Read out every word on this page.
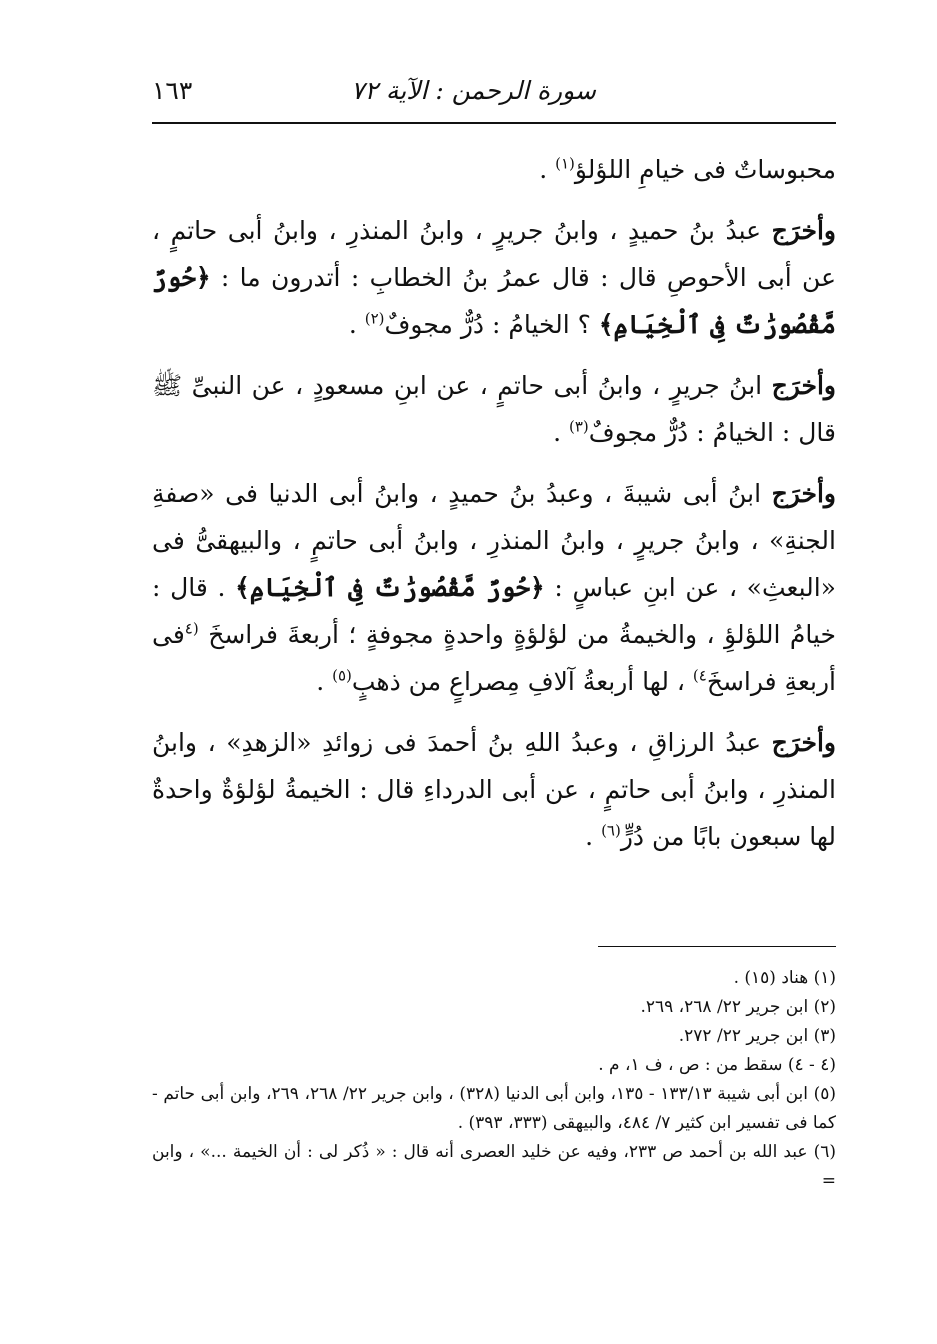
سورة الرحمن : الآية ٧٢
١٦٣

محبوساتٌ فى خيامِ اللؤلؤ$^{(١)}$ .

وأخرَج عبدُ بنُ حميدٍ ، وابنُ جريرٍ ، وابنُ المنذرِ ، وابنُ أبى حاتمٍ ، عن أبى الأحوصِ قال : قال عمرُ بنُ الخطابِ : أتدرون ما : ﴿حُورٌ مَّقْصُورَٰتٌ فِى ٱلْخِيَامِ﴾ ؟ الخيامُ : دُرٌّ مجوفٌ$^{(٢)}$ .

وأخرَج ابنُ جريرٍ ، وابنُ أبى حاتمٍ ، عن ابنِ مسعودٍ ، عن النبىِّ ﷺ قال : الخيامُ : دُرٌّ مجوفٌ$^{(٣)}$ .

وأخرَج ابنُ أبى شيبةَ ، وعبدُ بنُ حميدٍ ، وابنُ أبى الدنيا فى «صفةِ الجنةِ» ، وابنُ جريرٍ ، وابنُ المنذرِ ، وابنُ أبى حاتمٍ ، والبيهقىُّ فى «البعثِ» ، عن ابنِ عباسٍ : ﴿حُورٌ مَّقْصُورَٰتٌ فِى ٱلْخِيَامِ﴾ . قال : خيامُ اللؤلؤِ ، والخيمةُ من لؤلؤةٍ واحدةٍ مجوفةٍ ؛ أربعةَ فراسخَ $^{(٤}$فى أربعةِ فراسخَ$^{٤)}$ ، لها أربعةُ آلافِ مِصراعٍ من ذهبٍ$^{(٥)}$ .

وأخرَج عبدُ الرزاقِ ، وعبدُ اللهِ بنُ أحمدَ فى زوائدِ «الزهدِ» ، وابنُ المنذرِ ، وابنُ أبى حاتمٍ ، عن أبى الدرداءِ قال : الخيمةُ لؤلؤةٌ واحدةٌ لها سبعون بابًا من دُرٍّ$^{(٦)}$ .

(١) هناد (١٥) .

(٢) ابن جرير ٢٢/ ٢٦٨، ٢٦٩.

(٣) ابن جرير ٢٢/ ٢٧٢.

(٤ - ٤) سقط من : ص ، ف ١، م .

(٥) ابن أبى شيبة ١٣٣/١٣ - ١٣٥، وابن أبى الدنيا (٣٢٨) ، وابن جرير ٢٢/ ٢٦٨، ٢٦٩، وابن أبى حاتم - كما فى تفسير ابن كثير ٧/ ٤٨٤، والبيهقى (٣٣٣، ٣٩٣) .

(٦) عبد الله بن أحمد ص ٢٣٣، وفيه عن خليد العصرى أنه قال : « ذُكر لى : أن الخيمة ...» ، وابن =
